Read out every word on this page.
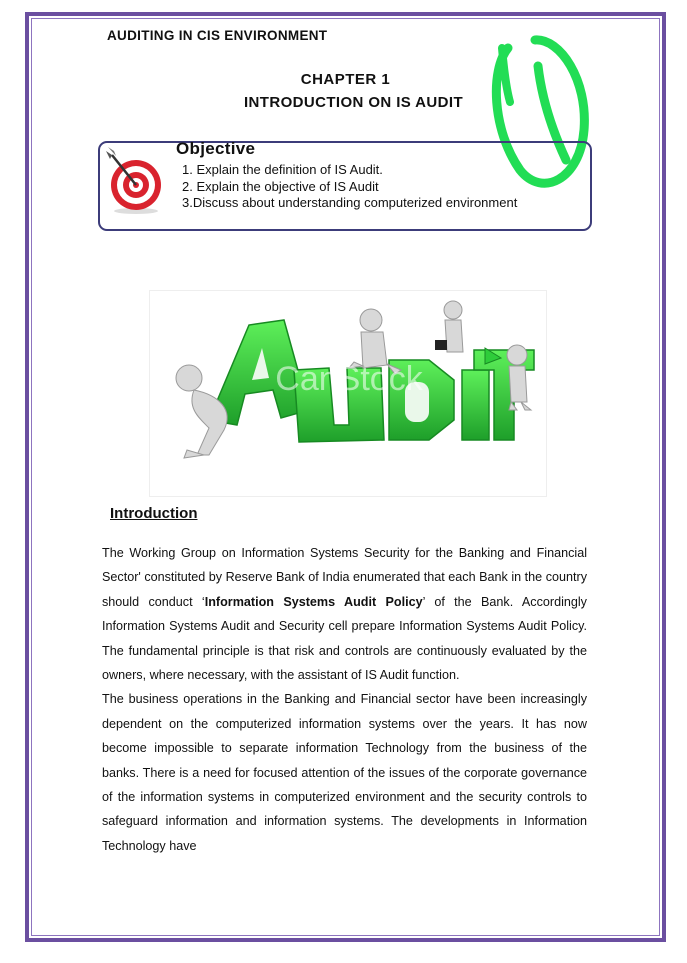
AUDITING IN CIS ENVIRONMENT
CHAPTER 1
INTRODUCTION ON IS AUDIT
Objective
1. Explain the definition of IS Audit.
2. Explain the objective of IS Audit
3.Discuss about understanding computerized environment
CanStock
Introduction

The Working Group on Information Systems Security for the Banking and Financial Sector' constituted by Reserve Bank of India enumerated that each Bank in the country should conduct ‘Information Systems Audit Policy’ of the Bank. Accordingly Information Systems Audit and Security cell prepare Information Systems Audit Policy. The fundamental principle is that risk and controls are continuously evaluated by the owners, where necessary, with the assistant of IS Audit function.

The business operations in the Banking and Financial sector have been increasingly dependent on the computerized information systems over the years. It has now become impossible to separate information Technology from the business of the banks. There is a need for focused attention of the issues of the corporate governance of the information systems in computerized environment and the security controls to safeguard information and information systems. The developments in Information Technology have
